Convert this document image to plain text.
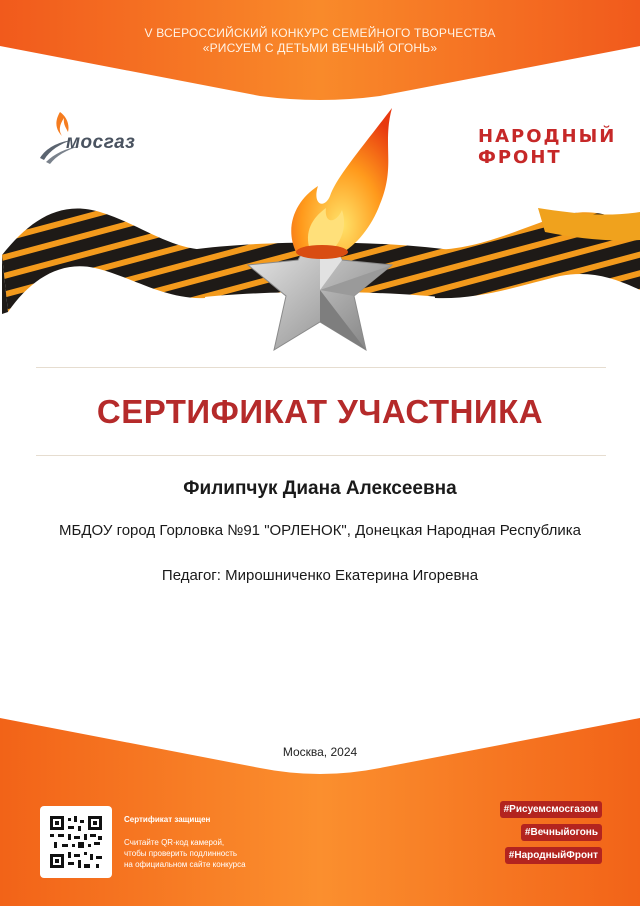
V ВСЕРОССИЙСКИЙ КОНКУРС СЕМЕЙНОГО ТВОРЧЕСТВА
«РИСУЕМ С ДЕТЬМИ ВЕЧНЫЙ ОГОНЬ»
мосгаз	НАРОДНЫЙ
ФРОНТ
СЕРТИФИКАТ УЧАСТНИКА
Филипчук Диана Алексеевна
МБДОУ город Горловка №91 "ОРЛЕНОК", Донецкая Народная Республика
Педагог: Мирошниченко Екатерина Игоревна
Москва, 2024
Сертификат защищен
Считайте QR-код камерой,
чтобы проверить подлинность
на официальном сайте конкурса
#Рисуемсмосгазом
#Вечныйогонь
#НародныйФронт
